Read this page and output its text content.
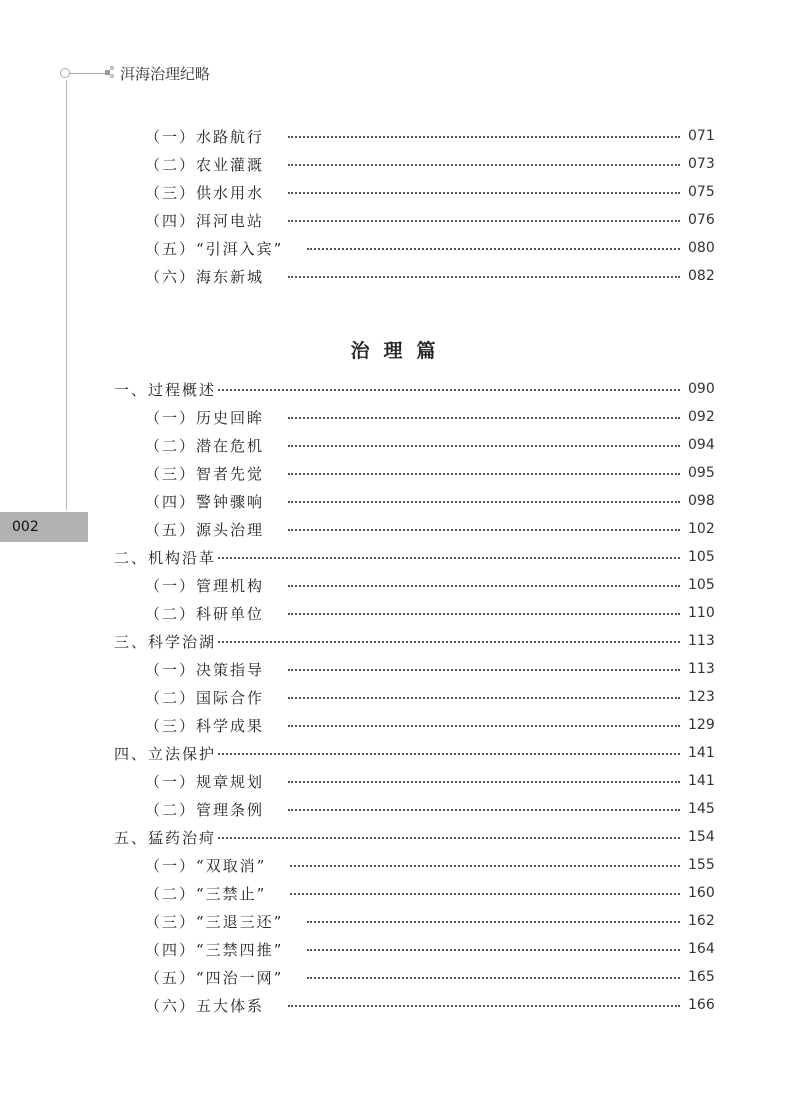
洱海治理纪略
002
（一）水路航行	071
（二）农业灌溉	073
（三）供水用水	075
（四）洱河电站	076
（五）“引洱入宾”	080
（六）海东新城	082
治理篇
一、过程概述	090
（一）历史回眸	092
（二）潜在危机	094
（三）智者先觉	095
（四）警钟骤响	098
（五）源头治理	102
二、机构沿革	105
（一）管理机构	105
（二）科研单位	110
三、科学治湖	113
（一）决策指导	113
（二）国际合作	123
（三）科学成果	129
四、立法保护	141
（一）规章规划	141
（二）管理条例	145
五、猛药治疴	154
（一）“双取消”	155
（二）“三禁止”	160
（三）“三退三还”	162
（四）“三禁四推”	164
（五）“四治一网”	165
（六）五大体系	166
